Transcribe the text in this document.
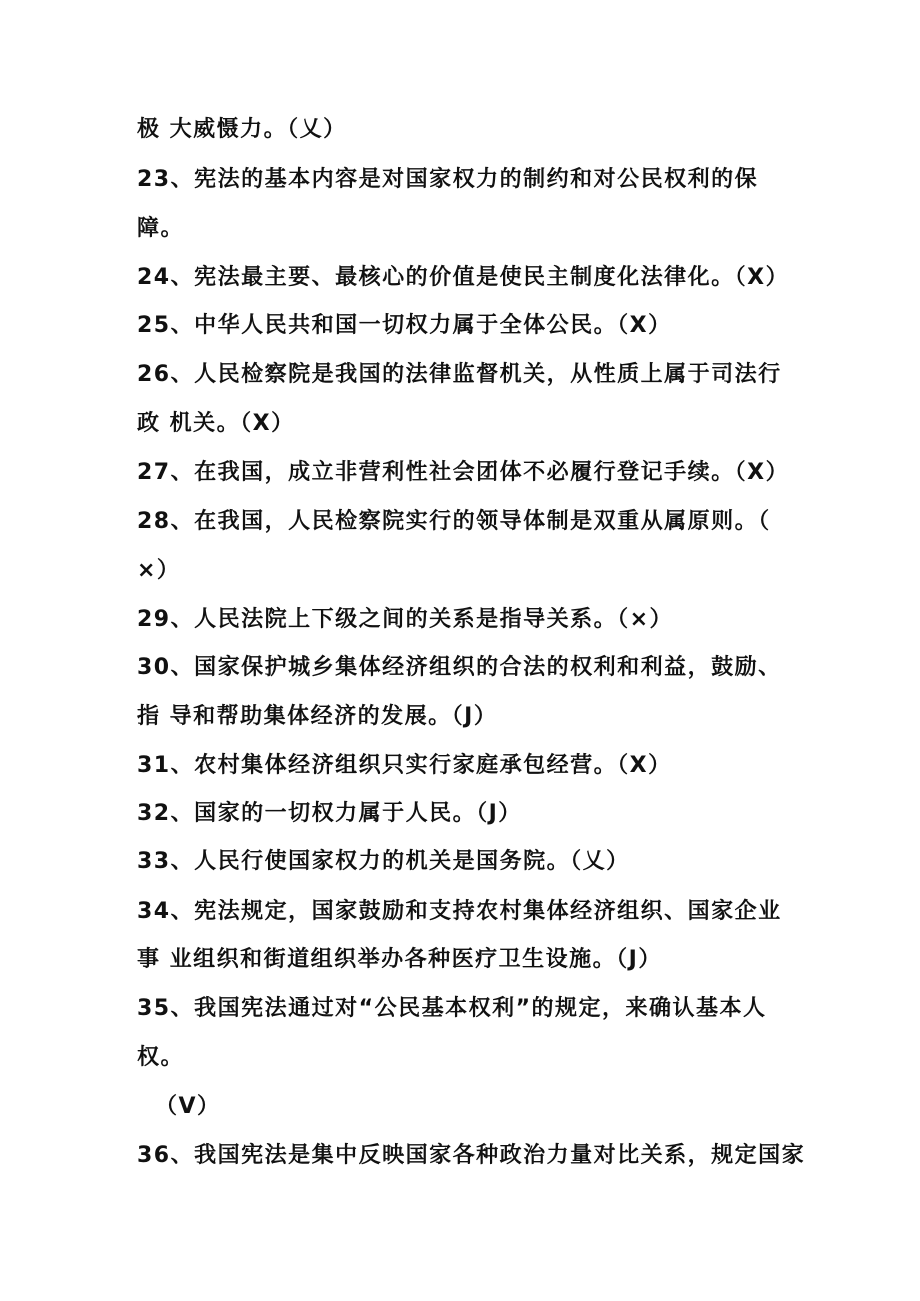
极 大威慑力。（乂）
23、宪法的基本内容是对国家权力的制约和对公民权利的保
障。
24、宪法最主要、最核心的价值是使民主制度化法律化。（X）
25、中华人民共和国一切权力属于全体公民。（X）
26、人民检察院是我国的法律监督机关，从性质上属于司法行
政 机关。（X）
27、在我国，成立非营利性社会团体不必履行登记手续。（X）
28、在我国，人民检察院实行的领导体制是双重从属原则。（
×）
29、人民法院上下级之间的关系是指导关系。（×）
30、国家保护城乡集体经济组织的合法的权利和利益，鼓励、
指 导和帮助集体经济的发展。（J）
31、农村集体经济组织只实行家庭承包经营。（X）
32、国家的一切权力属于人民。（J）
33、人民行使国家权力的机关是国务院。（乂）
34、宪法规定，国家鼓励和支持农村集体经济组织、国家企业
事 业组织和街道组织举办各种医疗卫生设施。（J）
35、我国宪法通过对“公民基本权利”的规定，来确认基本人
权。
（V）
36、我国宪法是集中反映国家各种政治力量对比关系，规定国家
